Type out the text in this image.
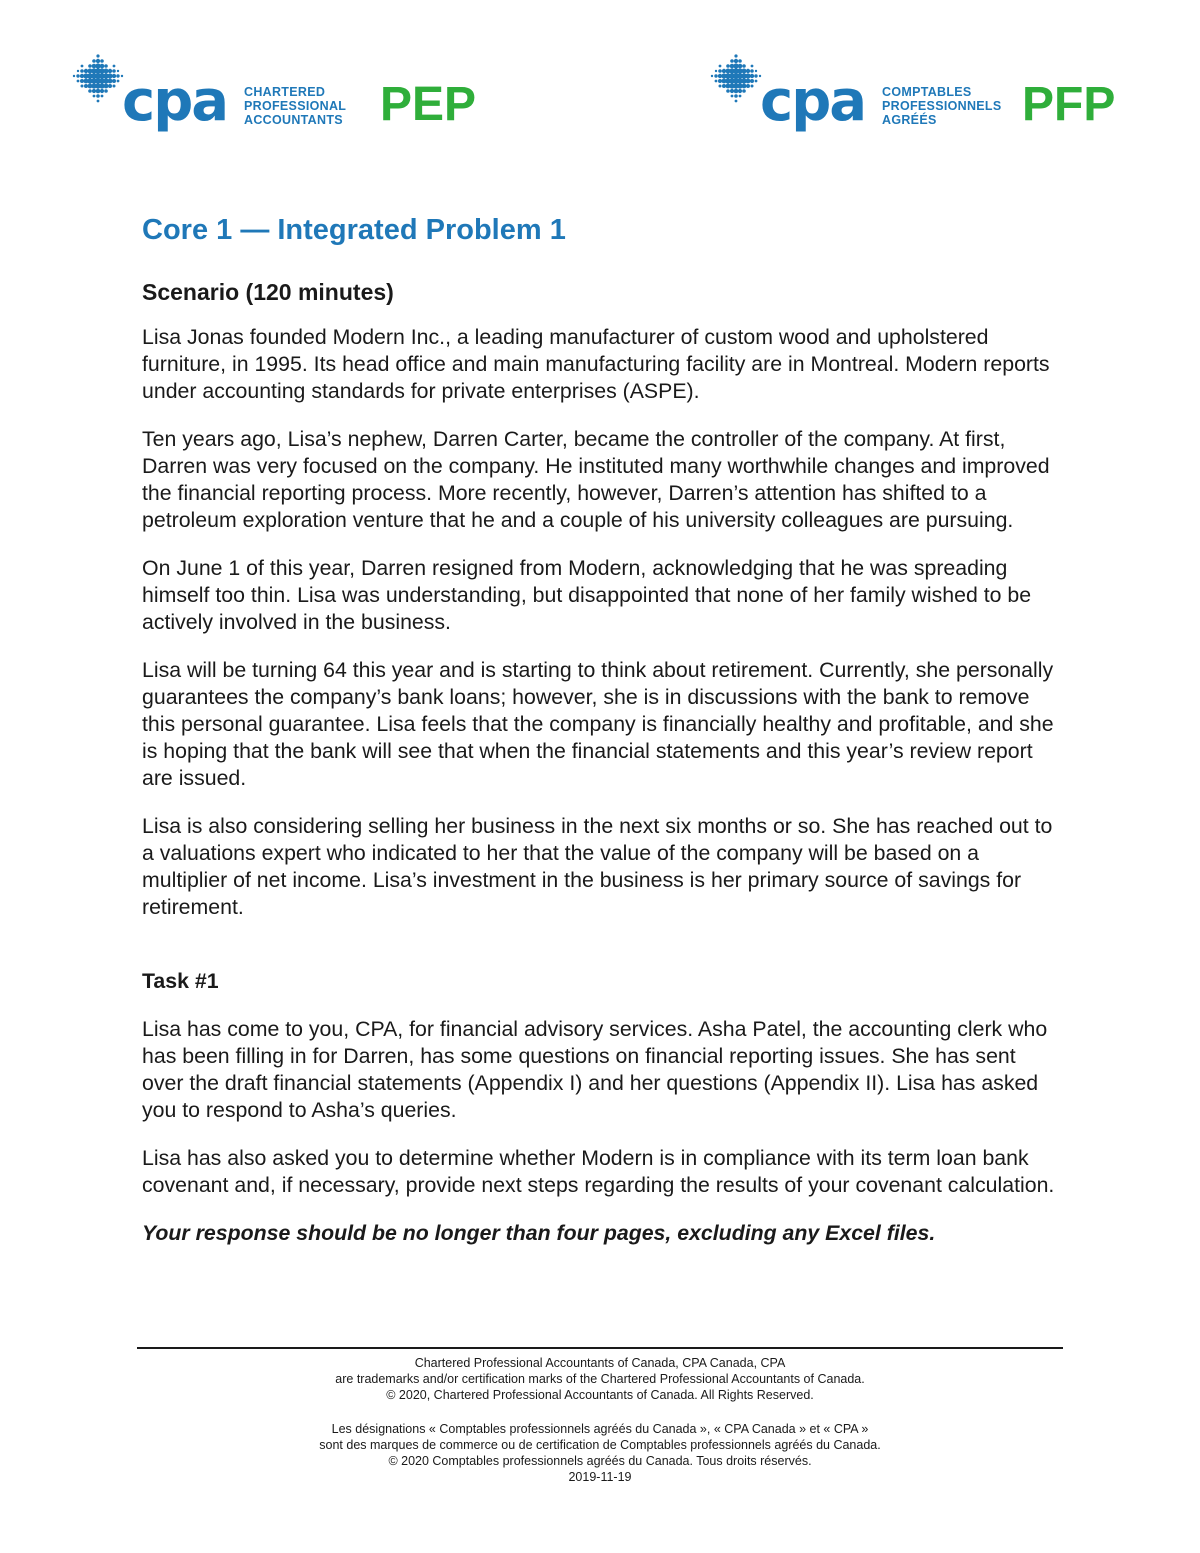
cpa CHARTERED
PROFESSIONAL
ACCOUNTANTS PEP	cpa COMPTABLES
PROFESSIONNELS
AGRÉÉS	PFP
Core 1 — Integrated Problem 1
Scenario (120 minutes)

Lisa Jonas founded Modern Inc., a leading manufacturer of custom wood and upholstered furniture, in 1995. Its head office and main manufacturing facility are in Montreal. Modern reports under accounting standards for private enterprises (ASPE).

Ten years ago, Lisa’s nephew, Darren Carter, became the controller of the company. At first, Darren was very focused on the company. He instituted many worthwhile changes and improved the financial reporting process. More recently, however, Darren’s attention has shifted to a petroleum exploration venture that he and a couple of his university colleagues are pursuing.

On June 1 of this year, Darren resigned from Modern, acknowledging that he was spreading himself too thin. Lisa was understanding, but disappointed that none of her family wished to be actively involved in the business.

Lisa will be turning 64 this year and is starting to think about retirement. Currently, she personally guarantees the company’s bank loans; however, she is in discussions with the bank to remove this personal guarantee. Lisa feels that the company is financially healthy and profitable, and she is hoping that the bank will see that when the financial statements and this year’s review report are issued.

Lisa is also considering selling her business in the next six months or so. She has reached out to a valuations expert who indicated to her that the value of the company will be based on a multiplier of net income. Lisa’s investment in the business is her primary source of savings for retirement.

Task #1

Lisa has come to you, CPA, for financial advisory services. Asha Patel, the accounting clerk who has been filling in for Darren, has some questions on financial reporting issues. She has sent over the draft financial statements (Appendix I) and her questions (Appendix II). Lisa has asked you to respond to Asha’s queries.

Lisa has also asked you to determine whether Modern is in compliance with its term loan bank covenant and, if necessary, provide next steps regarding the results of your covenant calculation.

Your response should be no longer than four pages, excluding any Excel files.

Chartered Professional Accountants of Canada, CPA Canada, CPA
are trademarks and/or certification marks of the Chartered Professional Accountants of Canada.
© 2020, Chartered Professional Accountants of Canada. All Rights Reserved.
Les désignations « Comptables professionnels agréés du Canada », « CPA Canada » et « CPA »
sont des marques de commerce ou de certification de Comptables professionnels agréés du Canada.
© 2020 Comptables professionnels agréés du Canada. Tous droits réservés.
2019-11-19
